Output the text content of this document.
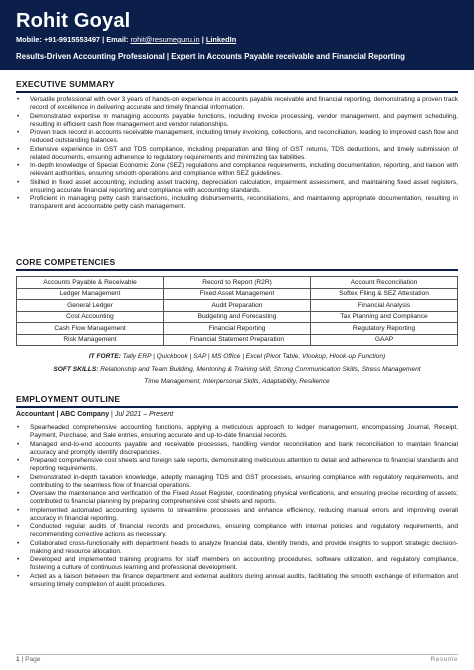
Rohit Goyal
Mobile: +91-9915553497 | Email: rohit@resumeguru.in | LinkedIn
Results-Driven Accounting Professional | Expert in Accounts Payable receivable and Financial Reporting
EXECUTIVE SUMMARY
• Versatile professional with over 3 years of hands-on experience in accounts payable receivable and financial reporting, demonstrating a proven track record of excellence in delivering accurate and timely financial information.
• Demonstrated expertise in managing accounts payable functions, including invoice processing, vendor management, and payment scheduling, resulting in efficient cash flow management and vendor relationships.
• Proven track record in accounts receivable management, including timely invoicing, collections, and reconciliation, leading to improved cash flow and reduced outstanding balances.
• Extensive experience in GST and TDS compliance, including preparation and filing of GST returns, TDS deductions, and timely submission of related documents, ensuring adherence to regulatory requirements and minimizing tax liabilities.
• In-depth knowledge of Special Economic Zone (SEZ) regulations and compliance requirements, including documentation, reporting, and liaison with relevant authorities, ensuring smooth operations and compliance within SEZ guidelines.
• Skilled in fixed asset accounting, including asset tracking, depreciation calculation, impairment assessment, and maintaining fixed asset registers, ensuring accurate financial reporting and compliance with accounting standards.
• Proficient in managing petty cash transactions, including disbursements, reconciliations, and maintaining appropriate documentation, resulting in transparent and accountable petty cash management.
CORE COMPETENCIES
Accounts Payable & Receivable	Record to Report (R2R)	Account Reconciliation
Ledger Management	Fixed Asset Management	Softex Filing & SEZ Attestation
General Ledger	Audit Preparation	Financial Analysis
Cost Accounting	Budgeting and Forecasting	Tax Planning and Compliance
Cash Flow Management	Financial Reporting	Regulatory Reporting
Risk Management	Financial Statement Preparation	GAAP
IT FORTE: Tally ERP | Quickbook | SAP | MS Office | Excel (Pivot Table, Vlookup, Hlook-up Function)
SOFT SKILLS: Relationship and Team Building, Mentoring & Training skill, Strong Communication Skills, Stress Management
Time Management, Interpersonal Skills, Adaptability, Resilience
EMPLOYMENT OUTLINE
Accountant | ABC Company | Jul 2021 – Present
• Spearheaded comprehensive accounting functions, applying a meticulous approach to ledger management, encompassing Journal, Receipt, Payment, Purchase, and Sale entries, ensuring accurate and up-to-date financial records.
• Managed end-to-end accounts payable and receivable processes, handling vendor reconciliation and bank reconciliation to maintain financial accuracy and promptly identify discrepancies.
• Prepared comprehensive cost sheets and foreign sale reports, demonstrating meticulous attention to detail and adherence to financial standards and reporting requirements.
• Demonstrated in-depth taxation knowledge, adeptly managing TDS and GST processes, ensuring compliance with regulatory requirements, and contributing to the seamless flow of financial operations.
• Oversaw the maintenance and verification of the Fixed Asset Register, coordinating physical verifications, and ensuring precise recording of assets; contributed to financial planning by preparing comprehensive cost sheets and reports.
• Implemented automated accounting systems to streamline processes and enhance efficiency, reducing manual errors and improving overall accuracy in financial reporting.
• Conducted regular audits of financial records and procedures, ensuring compliance with internal policies and regulatory requirements, and recommending corrective actions as necessary.
• Collaborated cross-functionally with department heads to analyze financial data, identify trends, and provide insights to support strategic decision-making and resource allocation.
• Developed and implemented training programs for staff members on accounting procedures, software utilization, and regulatory compliance, fostering a culture of continuous learning and professional development.
• Acted as a liaison between the finance department and external auditors during annual audits, facilitating the smooth exchange of information and ensuring timely completion of audit procedures.
1 | Page	Resume
